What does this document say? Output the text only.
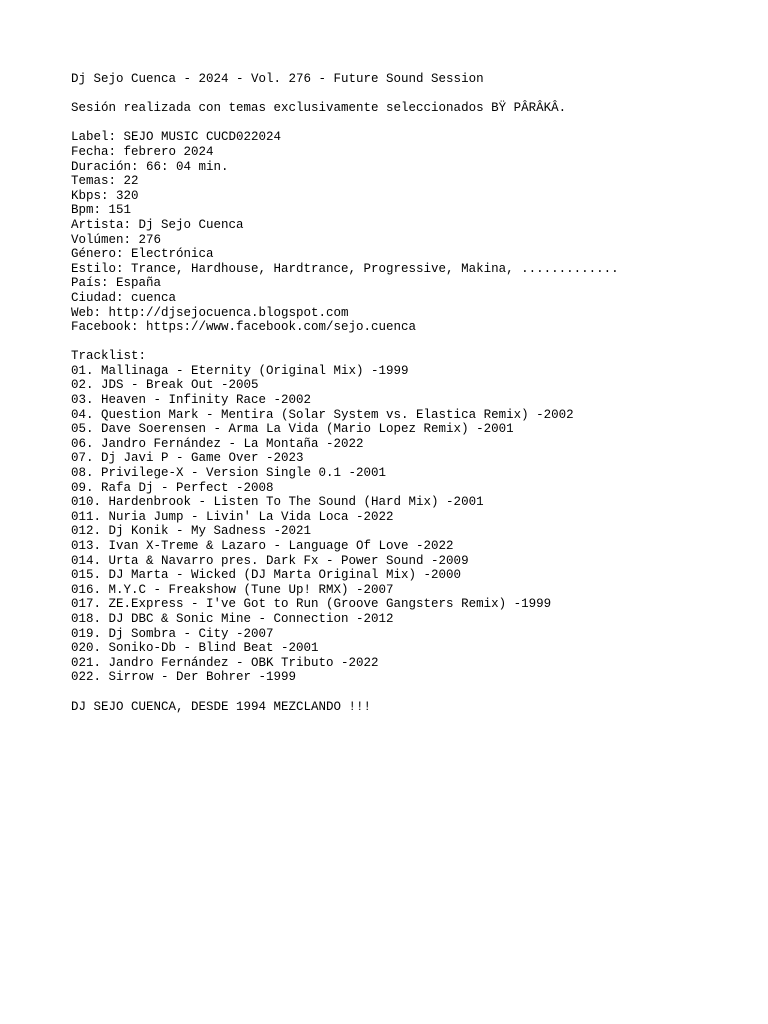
Dj Sejo Cuenca - 2024 - Vol. 276 - Future Sound Session
Sesión realizada con temas exclusivamente seleccionados BŸ PÂRÂKÂ.
Label: SEJO MUSIC CUCD022024
Fecha: febrero 2024
Duración: 66: 04 min.
Temas: 22
Kbps: 320
Bpm: 151
Artista: Dj Sejo Cuenca
Volúmen: 276
Género: Electrónica
Estilo: Trance, Hardhouse, Hardtrance, Progressive, Makina, .............
País: España
Ciudad: cuenca
Web: http://djsejocuenca.blogspot.com
Facebook: https://www.facebook.com/sejo.cuenca
Tracklist:
01. Mallinaga - Eternity (Original Mix) -1999
02. JDS - Break Out -2005
03. Heaven - Infinity Race -2002
04. Question Mark - Mentira (Solar System vs. Elastica Remix) -2002
05. Dave Soerensen - Arma La Vida (Mario Lopez Remix) -2001
06. Jandro Fernández - La Montaña -2022
07. Dj Javi P - Game Over -2023
08. Privilege-X - Version Single 0.1 -2001
09. Rafa Dj - Perfect -2008
010. Hardenbrook - Listen To The Sound (Hard Mix) -2001
011. Nuria Jump - Livin' La Vida Loca -2022
012. Dj Konik - My Sadness -2021
013. Ivan X-Treme & Lazaro - Language Of Love -2022
014. Urta & Navarro pres. Dark Fx - Power Sound -2009
015. DJ Marta - Wicked (DJ Marta Original Mix) -2000
016. M.Y.C - Freakshow (Tune Up! RMX) -2007
017. ZE.Express - I've Got to Run (Groove Gangsters Remix) -1999
018. DJ DBC & Sonic Mine - Connection -2012
019. Dj Sombra - City -2007
020. Soniko-Db - Blind Beat -2001
021. Jandro Fernández - OBK Tributo -2022
022. Sirrow - Der Bohrer -1999
DJ SEJO CUENCA, DESDE 1994 MEZCLANDO !!!
